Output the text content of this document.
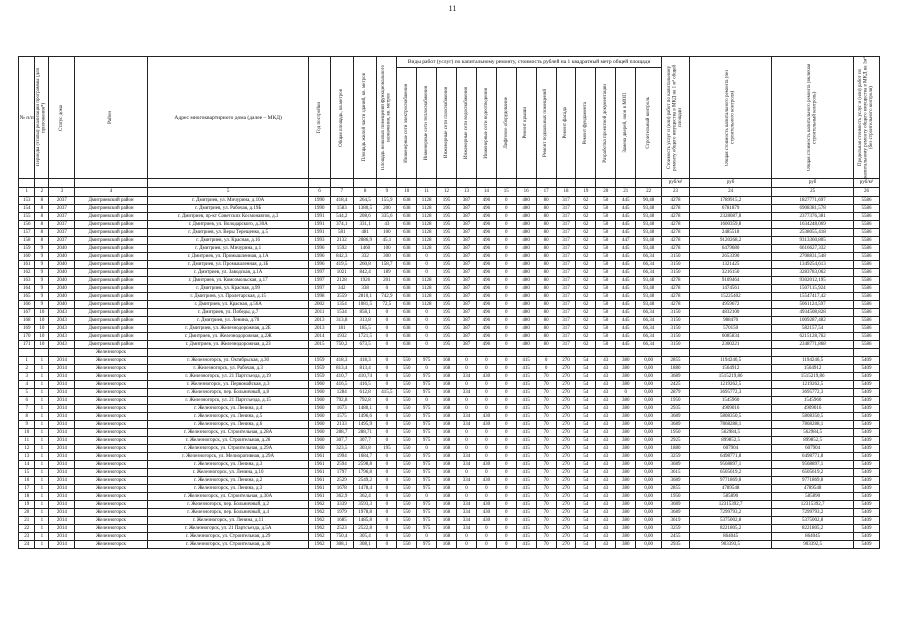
11
№ п/п	Периоды (этапы) реализации программы (для приложения*)	Статус дома	Район	Адрес многоквартирного дома (далее – МКД)	Год постройки	Общая площадь, кв.метров	Площадь жилой части зданий, кв. метров	Площадь нежилых помещений функционального назначения, кв. метров	Виды работ (услуг) по капитальному ремонту, стоимость рублей на 1 квадратный метр общей площади													Стоимость услуг и (или) работ по капитальному ремонту общего имущества в МКД на 1 м² общей площади	Общая стоимость капитального ремонта (без строительного контроля)	Общая стоимость капитального ремонта (включая строительный контроль)	Предельная стоимость услуг и (или) работ по капитальному ремонту общего имущества в МКД на 1м² (без строительного контроля)

									Инженерные сети электроснабжения	Инженерные сети теплоснабжения	Инженерные сети газоснабжения	Инженерные сети водоснабжения	Инженерные сети водоотведения	Лифтовое оборудование	Ремонт крыши	Ремонт подвальных помещений	Ремонт фасада	Ремонт фундамента	Разработка проектной документации	Замена дверей, окон в МОП	Строительный контроль				

																						руб/м²	руб	руб	руб/м²
1	2	3	4	5	6	7	8	9	10	11	12	13	14	15	16	17	18	19	20	21	22	23	24	25	26
153	8	2037	Дмитриевский район	г. Дмитриев, ул. Мичурина, д.10А	1990	418,4	264,5	155,9	638	1128	195	387	496	0	480	80	317	62	50	445	90,48	4278	1789915,2	1827771,697	5586
154	8	2037	Дмитриевский район	г. Дмитриев, ул. Рабочая, д.19Б	1990	1583	1380,5	200	638	1128	195	387	496	0	480	80	317	62	50	445	93,48	4278	6781879	6908381,578	5586
155	8	2037	Дмитриевский район	г. Дмитриев, пр-кт Советских Космонавтов, д.3	1991	544,2	208,6	335,6	638	1128	195	387	496	0	480	80	317	62	50	445	93,48	4278	2328087,8	2377376,381	5586
156	8	2037	Дмитриевский район	г. Дмитриев, ул. Володарского, д.30А	1991	374,1	331,1	43	638	1128	195	387	496	0	480	80	317	62	50	445	93,48	4278	1600359,8	1634248,069	5586
157	8	2037	Дмитриевский район	г. Дмитриев, ул. Веры Терещенко, д.5	1991	581	481	100	638	1128	195	387	496	0	480	80	317	62	50	445	93,48	4278	2485518	2538055,418	5586
158	8	2037	Дмитриевский район	г. Дмитриев, ул. Красная, д.16	1993	2132	2086,9	45,1	638	1128	195	387	496	0	480	80	317	62	50	447	93,48	4278	9120268,2	9313360,805	5586
159	9	2040	Дмитриевский район	г. Дмитриев, ул. Мичурина, д.1	1996	1592	1460	100	638	1128	195	387	496	0	480	80	317	62	50	445	93,48	4278	6479680	6616627,332	5586
160	9	2040	Дмитриевский район	г. Дмитриев, ул. Промышленная, д.1А	1996	842,3	332	300	638	0	195	387	496	0	480	80	317	62	50	445	66,34	3150	2653390	2708831,548	5586
161	9	2040	Дмитриевский район	г. Дмитриев, ул. Промышленная, д.1Б	1996	419,5	260,8	158,7	638	0	195	387	496	0	480	80	317	62	50	445	66,34	3150	1321425	1349254,613	5586
162	9	2040	Дмитриевский район	г. Дмитриев, ул. Заводская, д.1А	1997	1021	842,4	189	638	0	195	387	496	0	480	80	317	62	50	445	66,34	3150	3216150	3283783,062	5586
163	9	2040	Дмитриевский район	г. Дмитриев, ул. Комсомольская, д.17	1997	2128	1926	201	638	1128	195	387	496	0	480	80	317	62	50	445	93,48	4278	9109464	9302012,195	5586
164	9	2040	Дмитриевский район	г. Дмитриев, ул. Красная, д.99	1997	342	338	0	638	1128	195	387	496	0	480	80	317	62	50	445	93,48	4278	1474561	1507115,924	5586
165	9	2040	Дмитриевский район	г. Дмитриев, ул. Пролетарская, д.15	1998	3559	2810,1	742,9	638	1128	195	387	496	0	480	80	317	62	50	445	93,48	4278	15225402	15547417,42	5586
166	9	2040	Дмитриевский район	г. Дмитриев, ул. Красная, д.56А	2002	1354	1081,5	72,5	638	1128	195	387	496	0	480	80	317	62	50	445	93,48	4278	4959672	5061124,597	5586
167	10	2043	Дмитриевский район	г. Дмитриев, ул. Победы, д.7	2011	1534	858,1	0	638	0	195	387	496	0	480	80	317	62	50	445	66,34	3150	4832100	4934508,828	5586
168	10	2043	Дмитриевский район	г. Дмитриев, ул. Ленина, д.70	2013	313,8	313,8	0	638	0	195	387	496	0	480	80	317	62	50	445	66,34	3150	988470	1009287,482	5586
169	10	2043	Дмитриевский район	г. Дмитриев, ул. Железнодорожная, д.2Е	2013	181	185,5	0	638	0	195	387	496	0	480	80	317	62	50	445	66,34	3150	570150	582157,54	5586
170	10	2043	Дмитриевский район	г. Дмитриев, ул. Железнодорожная, д.2Ж	2014	1932	1721,5	0	638	0	195	387	496	0	480	80	317	62	50	445	66,34	3150	6085834	6215128,762	5586
171	10	2043	Дмитриевский район	г. Дмитриев, ул. Железнодорожная, д.2З	2015	750,2	673,5	0	638	0	195	387	496	0	480	80	317	62	50	445	66,34	3150	2300221	2348771,868	5586
			Железногорск																						
1	1	2014	Железногорск	г. Железногорск, ул. Октябрьская, д.30	1959	418,3	418,3	0	550	975	168	0	0	0	415	0	270	54	43	380	0,00	2855	1194246,5	1194246,5	5409
2	1	2014	Железногорск	г. Железногорск, ул. Рабочая, д.3	1959	813,4	813,4	0	550	0	168	0	0	0	415	0	270	54	43	380	0,00	1880	1564912	1564912	5409
3	1	2014	Железногорск	г. Железногорск, ул. 21 Партсъезда, д.19	1959	410,7	410,74	0	550	975	168	334	430	0	415	70	270	54	43	380	0,00	3689	1515219,86	1515219,86	5409
4	1	2014	Железногорск	г. Железногорск, ул. Первомайская, д.3	1960	416,5	416,5	0	550	975	168	0	0	0	415	70	270	54	43	380	0,00	2425	1219262,5	1219262,5	5409
5	1	2014	Железногорск	г. Железногорск, пер. Больничный, д.8	1960	1284	612,8	415,5	550	975	168	334	0	0	415	70	270	54	43	0	0,00	2879	3695772,3	3695772,3	5409
6	1	2014	Железногорск	г. Железногорск, ул. 21 Партсъезда, д.15	1960	792,8	792,8	0	550	0	168	0	0	0	415	70	270	54	43	380	0,00	1950	1545960	1545960	5409
7	1	2014	Железногорск	г. Железногорск, ул. Ленина, д.4	1960	1673	1480,1	0	550	975	168	0	0	0	415	70	270	54	43	380	0,00	2935	4909016	4909016	5409
8	1	2014	Железногорск	г. Железногорск, ул. Ленина, д.5	1960	1575	1496,6	0	550	975	168	334	430	0	415	70	270	54	43	380	0,00	3689	5808350,5	5808350,5	5409
9	1	2014	Железногорск	г. Железногорск, ул. Ленина, д.6	1960	2133	1495,9	0	550	975	168	334	430	0	415	70	270	54	43	380	0,00	3689	7868288,1	7868288,1	5409
10	1	2014	Железногорск	г. Железногорск, ул. Строительная, д.28А	1960	288,7	288,71	0	550	975	168	0	0	0	415	70	270	54	43	380	0,00	1950	562984,5	562984,5	5409
11	1	2014	Железногорск	г. Железногорск, ул. Строительная, д.28	1960	307,7	307,7	0	550	975	168	0	0	0	415	70	270	54	43	380	0,00	2925	899852,5	899852,5	5409
12	1	2014	Железногорск	г. Железногорск, ул. Строительная, д.29А	1960	323,5	303,8	195	550	0	168	0	0	0	415	70	270	54	43	380	0,00	1880	607904	607904	5409
13	1	2014	Железногорск	г. Железногорск, ул. Мелиоративная, д.29А	1961	1994	1684,7	0	550	975	168	334	0	0	415	70	270	54	43	380	0,00	3259	6498771,8	6498771,8	5409
14	1	2014	Железногорск	г. Железногорск, ул. Ленина, д.3	1961	2594	2598,8	0	550	975	168	334	430	0	415	70	270	54	43	380	0,00	3689	9568897,1	9568897,1	5409
15	1	2014	Железногорск	г. Железногорск, ул. Ленина, д.10	1961	1797	1796,8	0	550	975	168	0	0	0	415	70	270	54	43	380	0,00	3615	6505619,2	6505619,2	5409
16	1	2014	Железногорск	г. Железногорск, ул. Ленина, д.2	1961	2529	2549,2	0	550	975	168	334	430	0	415	70	270	54	43	380	0,00	3689	9771869,8	9771869,8	5409
17	1	2014	Железногорск	г. Железногорск, ул. Ленина, д.3	1961	1678	1478,4	0	550	975	168	0	0	0	415	70	270	54	43	380	0,00	2855	4789548	4789548	5409
18	1	2014	Железногорск	г. Железногорск, ул. Строительная, д.30А	1961	362,9	362,4	0	550	0	168	0	0	0	415	70	270	54	43	380	0,00	1950	585890	585890	5409
19	1	2014	Железногорск	г. Железногорск, пер. Больничный, д.2	1962	3339	3593,3	0	550	975	168	334	430	0	415	70	270	54	43	380	0,00	3689	12315392,7	12315392,7	5409
20	1	2014	Железногорск	г. Железногорск, пер. Больничный, д.4	1962	1979	1978,8	0	550	975	168	334	430	0	415	70	270	54	43	380	0,00	3689	7299793,2	7299793,2	5409
21	1	2014	Железногорск	г. Железногорск, ул. Ленина, д.11	1962	1685	1485,8	0	550	975	168	334	430	0	415	70	270	54	43	380	0,00	3619	5375002,8	5375002,8	5409
22	1	2014	Железногорск	г. Железногорск, ул. 21 Партсъезда, д.5А	1962	2523	2522,8	0	550	975	168	334	0	0	415	70	270	54	43	380	0,00	3259	8221805,2	8221805,2	5409
23	1	2014	Железногорск	г. Железногорск, ул. Строительная, д.29	1962	750,4	305,4	0	550	0	168	0	0	0	415	70	270	54	43	380	0,00	2455	864045	864045	5409
24	1	2014	Железногорск	г. Железногорск, ул. Строительная, д.30	1962	308,1	308,1	0	550	975	168	0	0	0	415	70	270	54	43	380	0,00	2935	903393,5	903392,5	5409
